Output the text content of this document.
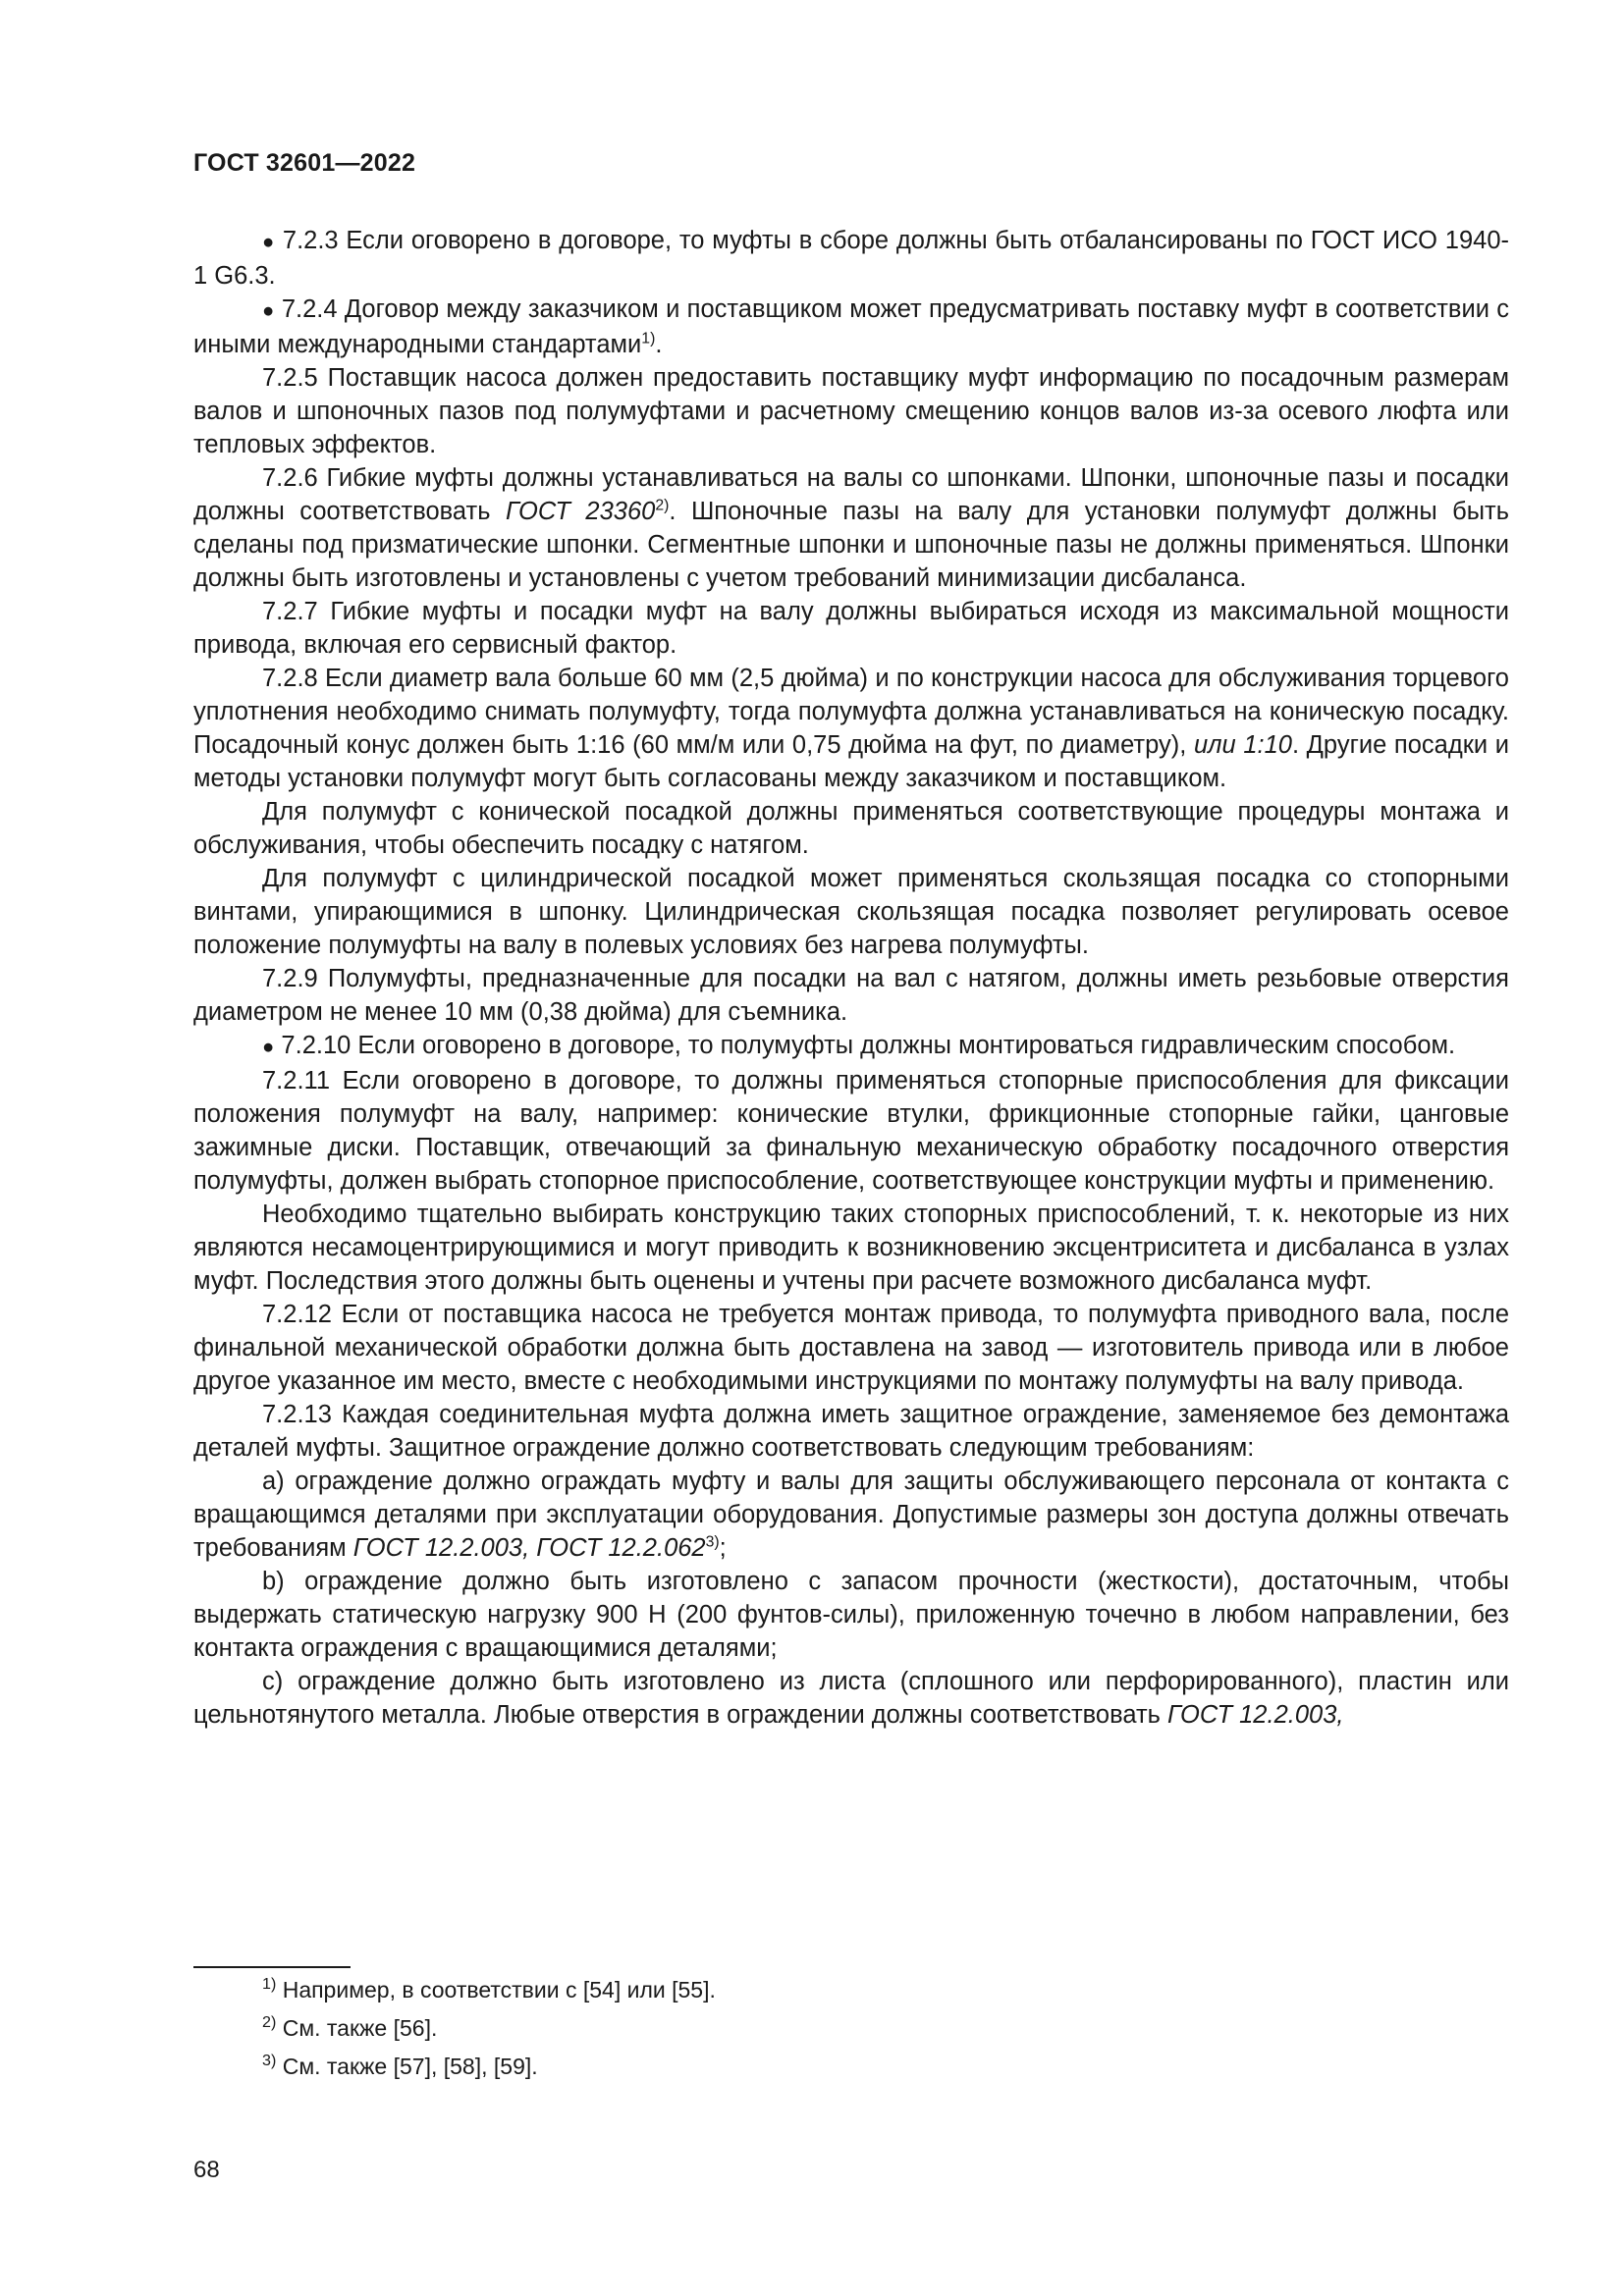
ГОСТ 32601—2022

● 7.2.3 Если оговорено в договоре, то муфты в сборе должны быть отбалансированы по ГОСТ ИСО 1940-1 G6.3.

● 7.2.4 Договор между заказчиком и поставщиком может предусматривать поставку муфт в соответствии с иными международными стандартами$^{1)}$.

7.2.5 Поставщик насоса должен предоставить поставщику муфт информацию по посадочным размерам валов и шпоночных пазов под полумуфтами и расчетному смещению концов валов из-за осевого люфта или тепловых эффектов.

7.2.6 Гибкие муфты должны устанавливаться на валы со шпонками. Шпонки, шпоночные пазы и посадки должны соответствовать ГОСТ 23360$^{2)}$. Шпоночные пазы на валу для установки полумуфт должны быть сделаны под призматические шпонки. Сегментные шпонки и шпоночные пазы не должны применяться. Шпонки должны быть изготовлены и установлены с учетом требований минимизации дисбаланса.

7.2.7 Гибкие муфты и посадки муфт на валу должны выбираться исходя из максимальной мощности привода, включая его сервисный фактор.

7.2.8 Если диаметр вала больше 60 мм (2,5 дюйма) и по конструкции насоса для обслуживания торцевого уплотнения необходимо снимать полумуфту, тогда полумуфта должна устанавливаться на коническую посадку. Посадочный конус должен быть 1:16 (60 мм/м или 0,75 дюйма на фут, по диаметру), или 1:10. Другие посадки и методы установки полумуфт могут быть согласованы между заказчиком и поставщиком.

Для полумуфт с конической посадкой должны применяться соответствующие процедуры монтажа и обслуживания, чтобы обеспечить посадку с натягом.

Для полумуфт с цилиндрической посадкой может применяться скользящая посадка со стопорными винтами, упирающимися в шпонку. Цилиндрическая скользящая посадка позволяет регулировать осевое положение полумуфты на валу в полевых условиях без нагрева полумуфты.

7.2.9 Полумуфты, предназначенные для посадки на вал с натягом, должны иметь резьбовые отверстия диаметром не менее 10 мм (0,38 дюйма) для съемника.

● 7.2.10 Если оговорено в договоре, то полумуфты должны монтироваться гидравлическим способом.

7.2.11 Если оговорено в договоре, то должны применяться стопорные приспособления для фиксации положения полумуфт на валу, например: конические втулки, фрикционные стопорные гайки, цанговые зажимные диски. Поставщик, отвечающий за финальную механическую обработку посадочного отверстия полумуфты, должен выбрать стопорное приспособление, соответствующее конструкции муфты и применению.

Необходимо тщательно выбирать конструкцию таких стопорных приспособлений, т. к. некоторые из них являются несамоцентрирующимися и могут приводить к возникновению эксцентриситета и дисбаланса в узлах муфт. Последствия этого должны быть оценены и учтены при расчете возможного дисбаланса муфт.

7.2.12 Если от поставщика насоса не требуется монтаж привода, то полумуфта приводного вала, после финальной механической обработки должна быть доставлена на завод — изготовитель привода или в любое другое указанное им место, вместе с необходимыми инструкциями по монтажу полумуфты на валу привода.

7.2.13 Каждая соединительная муфта должна иметь защитное ограждение, заменяемое без демонтажа деталей муфты. Защитное ограждение должно соответствовать следующим требованиям:

a) ограждение должно ограждать муфту и валы для защиты обслуживающего персонала от контакта с вращающимся деталями при эксплуатации оборудования. Допустимые размеры зон доступа должны отвечать требованиям ГОСТ 12.2.003, ГОСТ 12.2.062$^{3)}$;

b) ограждение должно быть изготовлено с запасом прочности (жесткости), достаточным, чтобы выдержать статическую нагрузку 900 Н (200 фунтов-силы), приложенную точечно в любом направлении, без контакта ограждения с вращающимися деталями;

c) ограждение должно быть изготовлено из листа (сплошного или перфорированного), пластин или цельнотянутого металла. Любые отверстия в ограждении должны соответствовать ГОСТ 12.2.003,

$^{1)}$ Например, в соответствии с [54] или [55].

$^{2)}$ См. также [56].

$^{3)}$ См. также [57], [58], [59].

68
